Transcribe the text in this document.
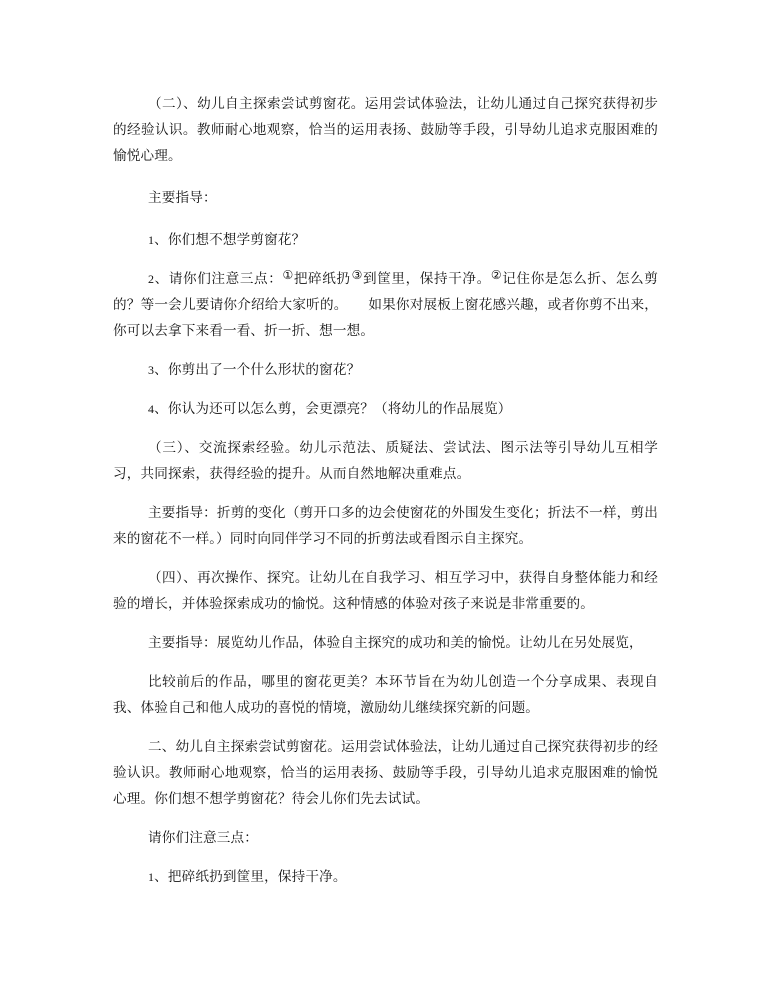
（二）、幼儿自主探索尝试剪窗花。运用尝试体验法，让幼儿通过自己探究获得初步的经验认识。教师耐心地观察，恰当的运用表扬、鼓励等手段，引导幼儿追求克服困难的愉悦心理。

主要指导：

1、你们想不想学剪窗花？

2、请你们注意三点：①把碎纸扔③到筐里，保持干净。②记住你是怎么折、怎么剪的？等一会儿要请你介绍给大家听的。　　如果你对展板上窗花感兴趣，或者你剪不出来，你可以去拿下来看一看、折一折、想一想。

3、你剪出了一个什么形状的窗花？

4、你认为还可以怎么剪，会更漂亮？（将幼儿的作品展览）

（三）、交流探索经验。幼儿示范法、质疑法、尝试法、图示法等引导幼儿互相学习，共同探索，获得经验的提升。从而自然地解决重难点。

主要指导：折剪的变化（剪开口多的边会使窗花的外围发生变化；折法不一样，剪出来的窗花不一样。）同时向同伴学习不同的折剪法或看图示自主探究。

（四）、再次操作、探究。让幼儿在自我学习、相互学习中，获得自身整体能力和经验的增长，并体验探索成功的愉悦。这种情感的体验对孩子来说是非常重要的。

主要指导：展览幼儿作品，体验自主探究的成功和美的愉悦。让幼儿在另处展览，

比较前后的作品，哪里的窗花更美？本环节旨在为幼儿创造一个分享成果、表现自我、体验自己和他人成功的喜悦的情境，激励幼儿继续探究新的问题。

二、幼儿自主探索尝试剪窗花。运用尝试体验法，让幼儿通过自己探究获得初步的经验认识。教师耐心地观察，恰当的运用表扬、鼓励等手段，引导幼儿追求克服困难的愉悦心理。你们想不想学剪窗花？待会儿你们先去试试。

请你们注意三点：

1、把碎纸扔到筐里，保持干净。
